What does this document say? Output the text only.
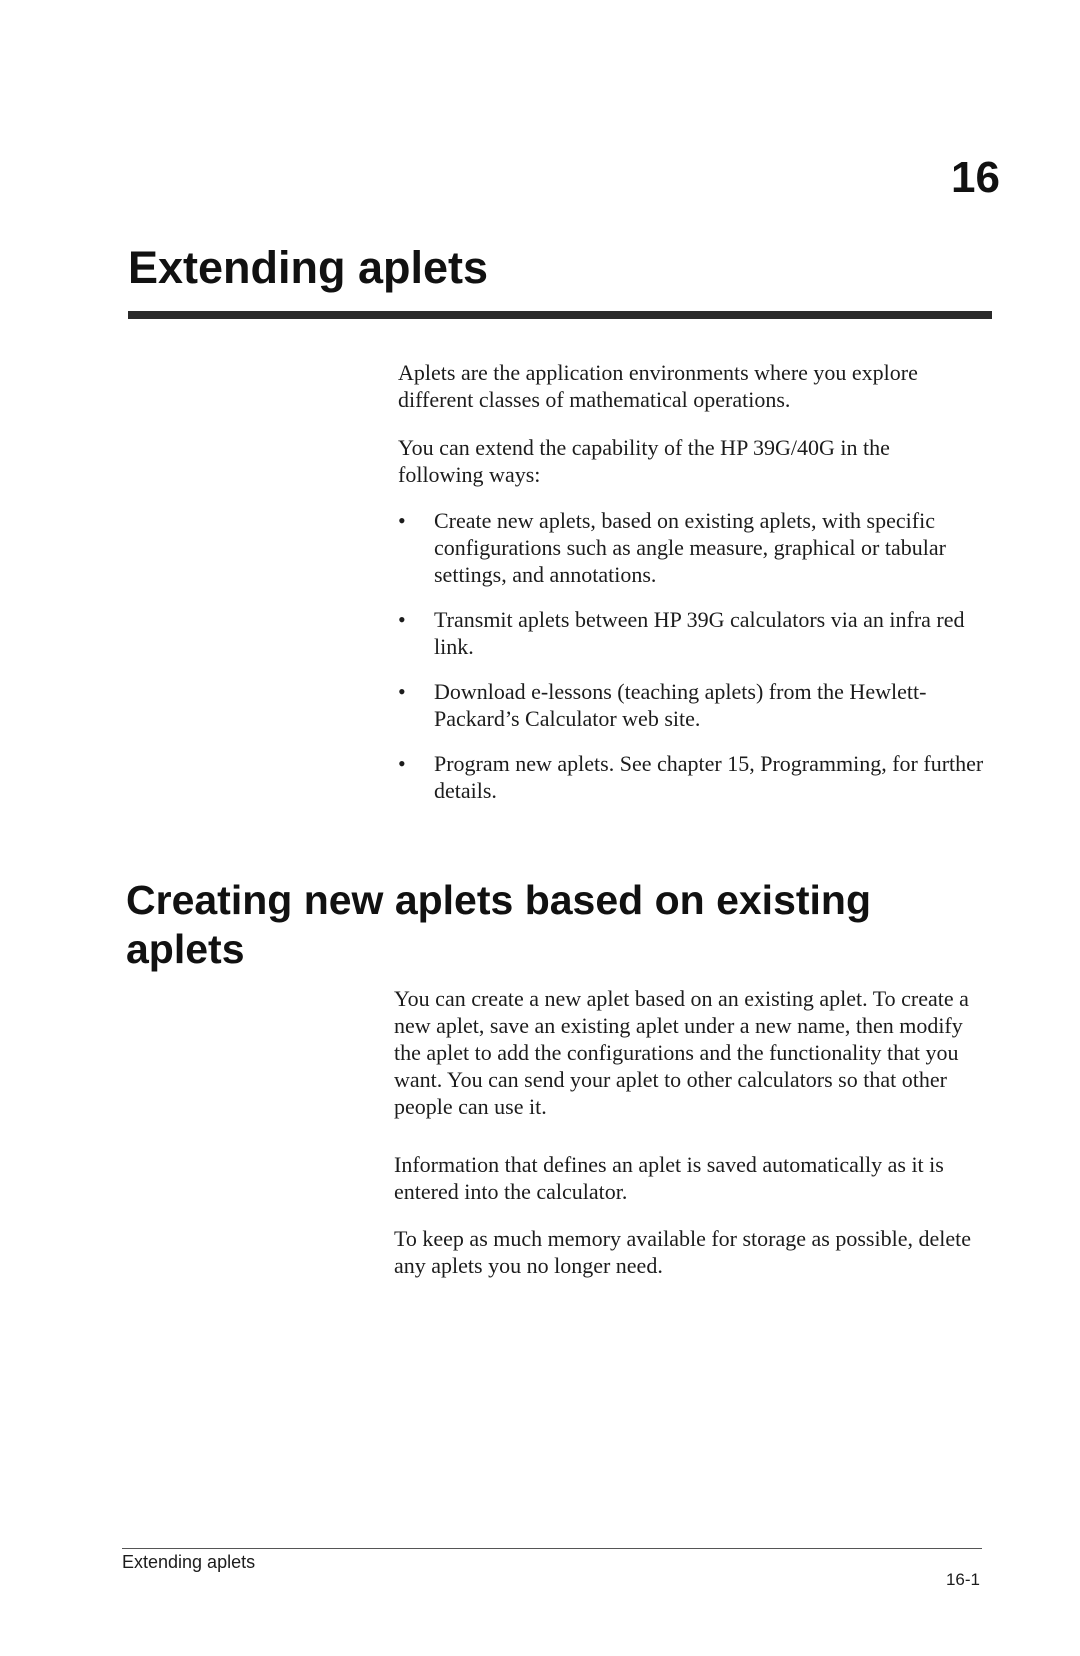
16
Extending aplets

Aplets are the application environments where you explore different classes of mathematical operations.

You can extend the capability of the HP 39G/40G in the following ways:

•	Create new aplets, based on existing aplets, with specific configurations such as angle measure, graphical or tabular settings, and annotations.
•	Transmit aplets between HP 39G calculators via an infra red link.
•	Download e-lessons (teaching aplets) from the Hewlett-Packard’s Calculator web site.
•	Program new aplets. See chapter 15, Programming, for further details.
Creating new aplets based on existing aplets

You can create a new aplet based on an existing aplet. To create a new aplet, save an existing aplet under a new name, then modify the aplet to add the configurations and the functionality that you want. You can send your aplet to other calculators so that other people can use it.

Information that defines an aplet is saved automatically as it is entered into the calculator.

To keep as much memory available for storage as possible, delete any aplets you no longer need.

Extending aplets
16-1
